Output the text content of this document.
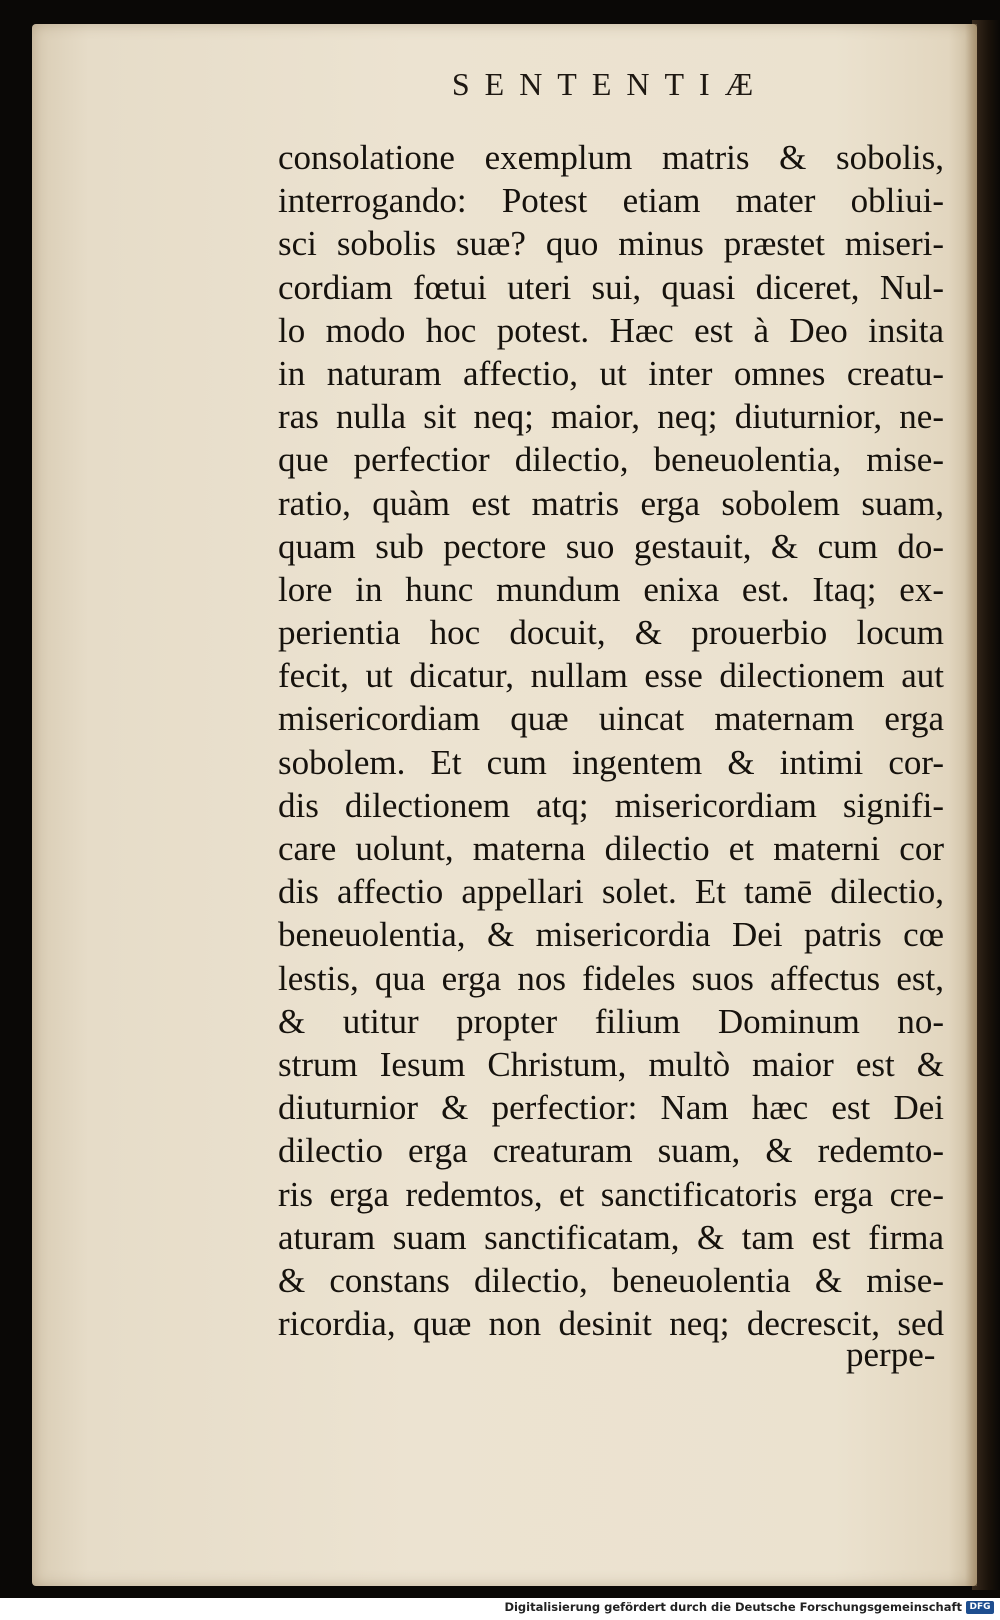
SENTENTIÆ
consolatione exemplum matris & sobolis,
interrogando: Potest etiam mater obliui-
sci sobolis suæ? quo minus præstet miseri-
cordiam fœtui uteri sui, quasi diceret, Nul-
lo modo hoc potest. Hæc est à Deo insita
in naturam affectio, ut inter omnes creatu-
ras nulla sit neq; maior, neq; diuturnior, ne-
que perfectior dilectio, beneuolentia, mise-
ratio, quàm est matris erga sobolem suam,
quam sub pectore suo gestauit, & cum do-
lore in hunc mundum enixa est. Itaq; ex-
perientia hoc docuit, & prouerbio locum
fecit, ut dicatur, nullam esse dilectionem aut
misericordiam quæ uincat maternam erga
sobolem. Et cum ingentem & intimi cor-
dis dilectionem atq; misericordiam signifi-
care uolunt, materna dilectio et materni cor
dis affectio appellari solet. Et tamē dilectio,
beneuolentia, & misericordia Dei patris cœ
lestis, qua erga nos fideles suos affectus est,
& utitur propter filium Dominum no-
strum Iesum Christum, multò maior est &
diuturnior & perfectior: Nam hæc est Dei
dilectio erga creaturam suam, & redemto-
ris erga redemtos, et sanctificatoris erga cre-
aturam suam sanctificatam, & tam est firma
& constans dilectio, beneuolentia & mise-
ricordia, quæ non desinit neq; decrescit, sed
perpe-
Digitalisierung gefördert durch die Deutsche Forschungsgemeinschaft DFG
